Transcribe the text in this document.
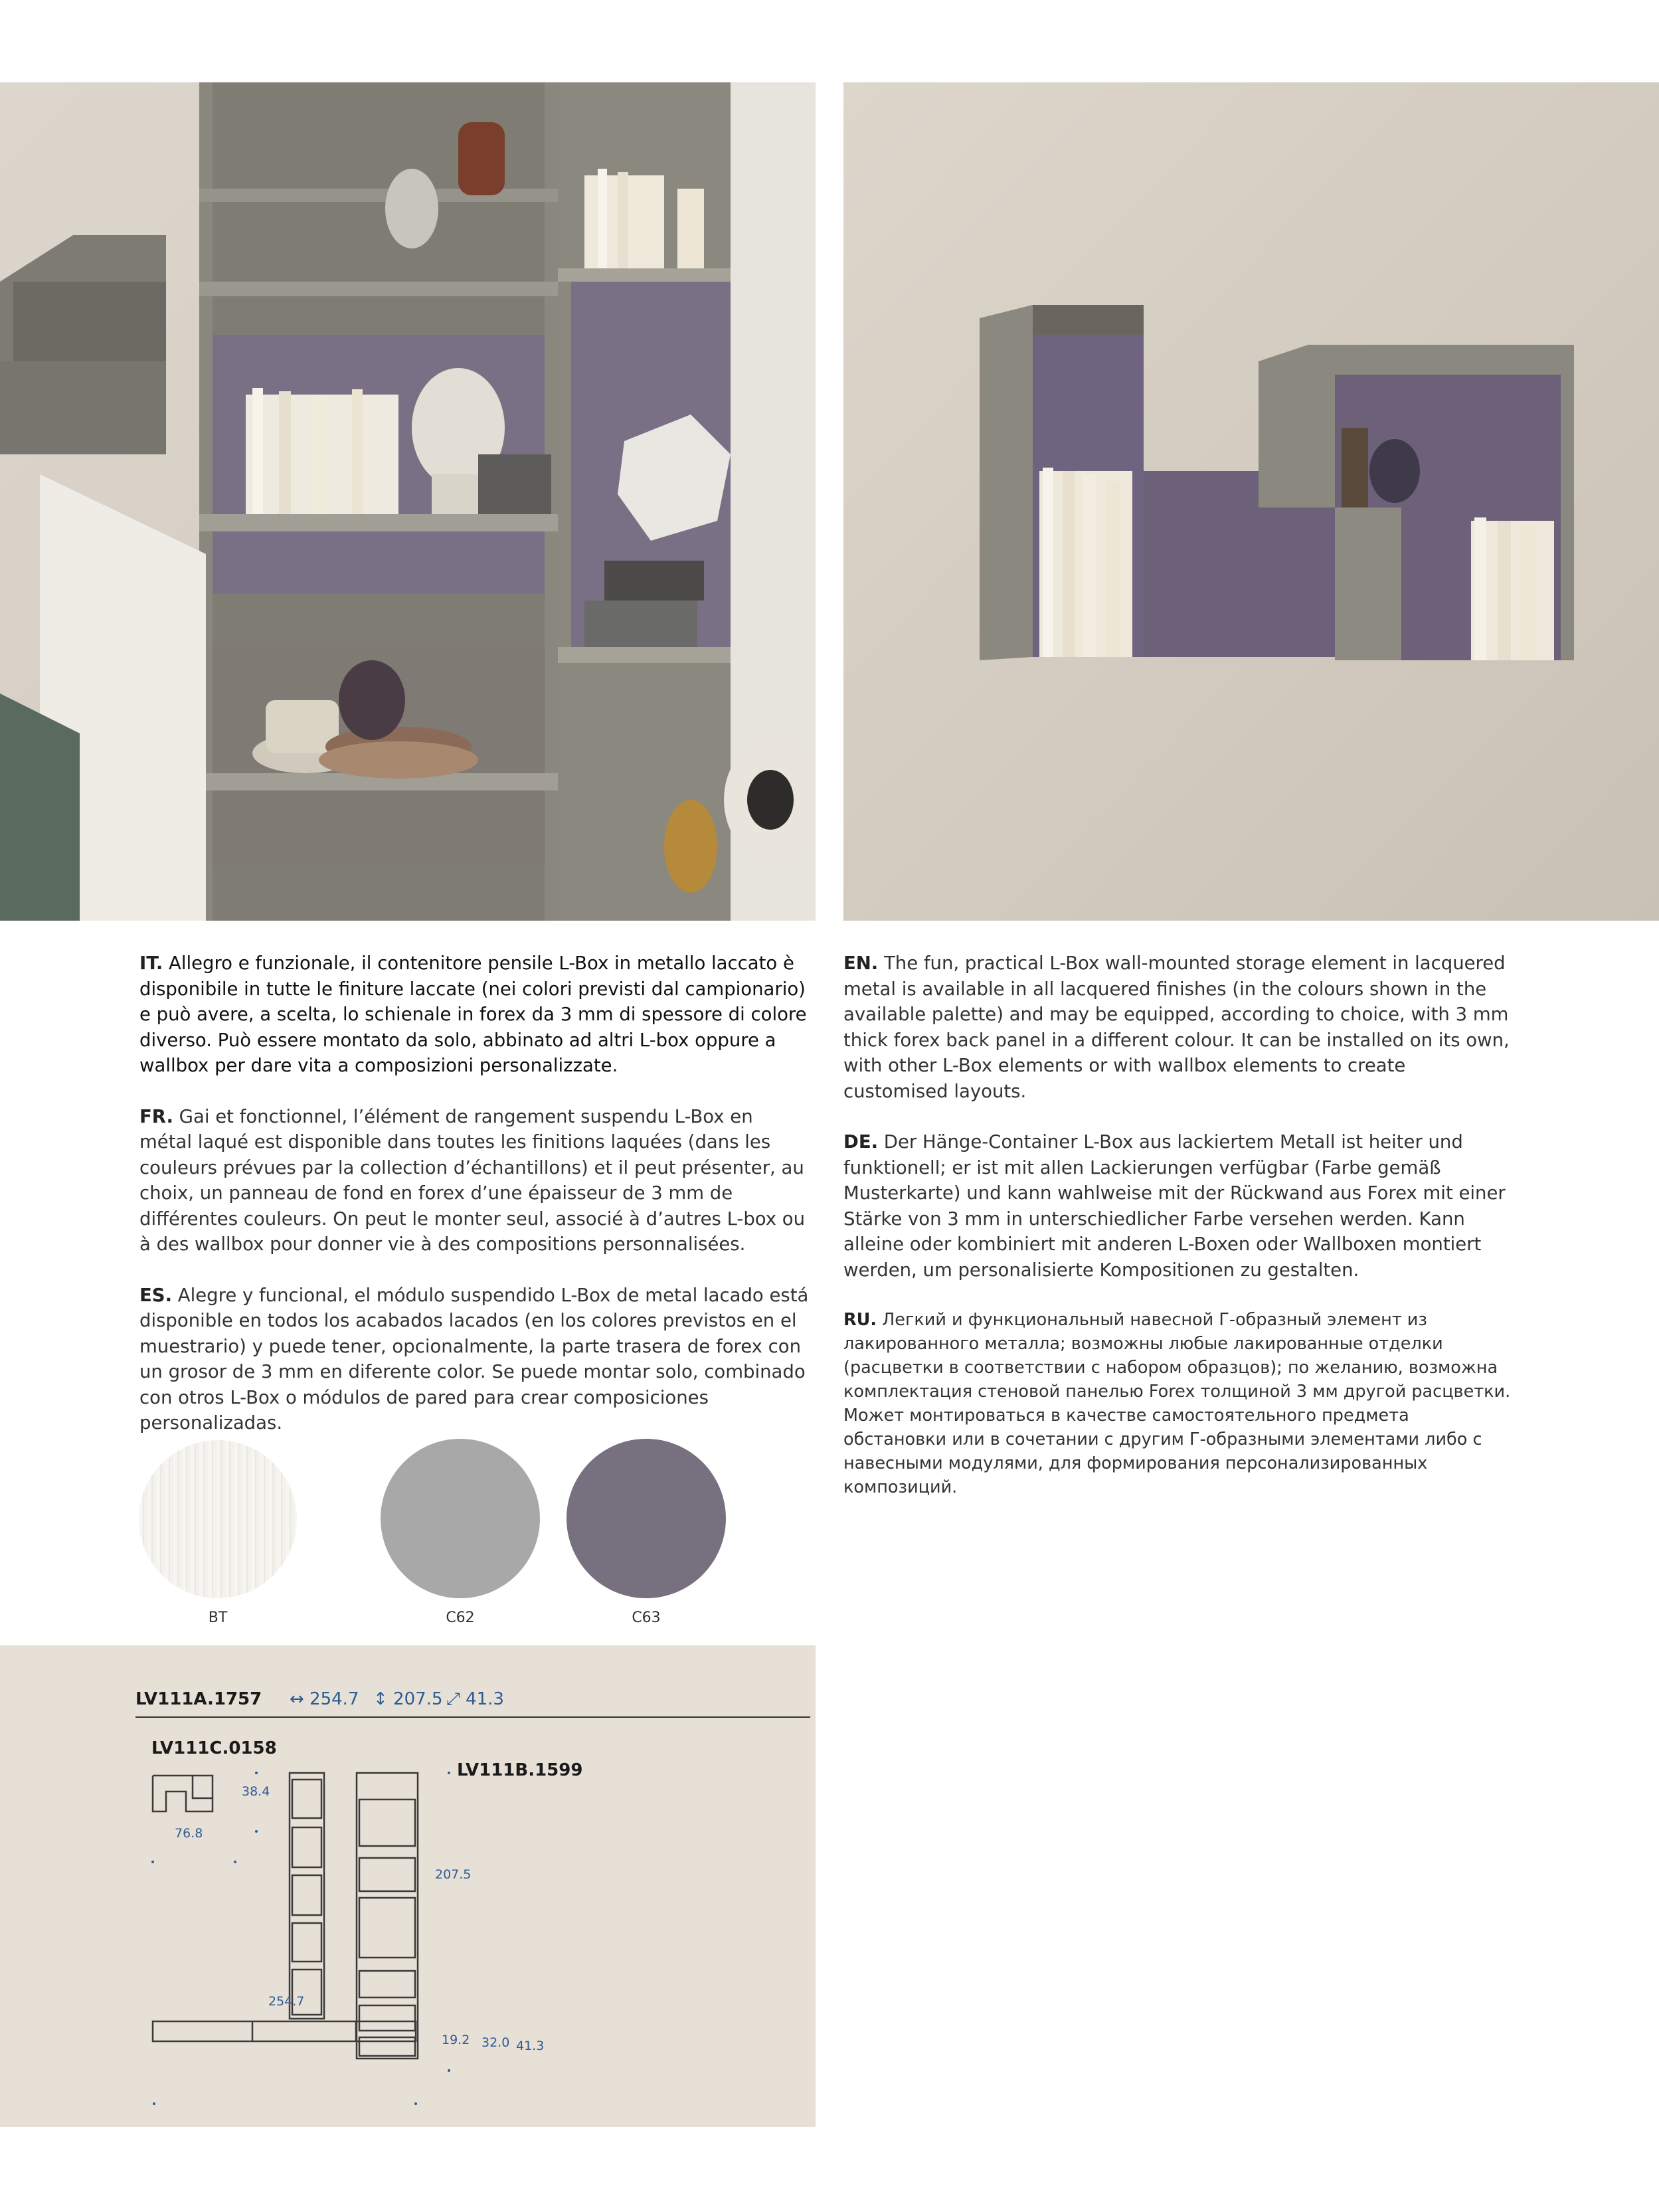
IT. Allegro e funzionale, il contenitore pensile L-Box in metallo laccato è disponibile in tutte le finiture laccate (nei colori previsti dal campionario) e può avere, a scelta, lo schienale in forex da 3 mm di spessore di colore diverso. Può essere montato da solo, abbinato ad altri L-box oppure a wallbox per dare vita a composizioni personalizzate.

FR. Gai et fonctionnel, l’élément de rangement suspendu L-Box en métal laqué est disponible dans toutes les finitions laquées (dans les couleurs prévues par la collection d’échantillons) et il peut présenter, au choix, un panneau de fond en forex d’une épaisseur de 3 mm de différentes couleurs. On peut le monter seul, associé à d’autres L-box ou à des wallbox pour donner vie à des compositions personnalisées.

ES. Alegre y funcional, el módulo suspendido L-Box de metal lacado está disponible en todos los acabados lacados (en los colores previstos en el muestrario) y puede tener, opcionalmente, la parte trasera de forex con un grosor de 3 mm en diferente color. Se puede montar solo, combinado con otros L-Box o módulos de pared para crear composiciones personalizadas.

EN. The fun, practical L-Box wall-mounted storage element in lacquered metal is available in all lacquered finishes (in the colours shown in the available palette) and may be equipped, according to choice, with 3 mm thick forex back panel in a different colour. It can be installed on its own, with other L-Box elements or with wallbox elements to create customised layouts.

DE. Der Hänge-Container L-Box aus lackiertem Metall ist heiter und funktionell; er ist mit allen Lackierungen verfügbar (Farbe gemäß Musterkarte) und kann wahlweise mit der Rückwand aus Forex mit einer Stärke von 3 mm in unterschiedlicher Farbe versehen werden. Kann alleine oder kombiniert mit anderen L-Boxen oder Wallboxen montiert werden, um personalisierte Kompositionen zu gestalten.

RU. Легкий и функциональный навесной Г-образный элемент из лакированного металла; возможны любые лакированные отделки (расцветки в соответствии с набором образцов); по желанию, возможна комплектация стеновой панелью Forex толщиной 3 мм другой расцветки. Может монтироваться в качестве самостоятельного предмета обстановки или в сочетании с другим Г-образными элементами либо с навесными модулями, для формирования персонализированных композиций.

BT	C62	C63
LV111A.1757 ↔ 254.7 ↕ 207.5 ⤢ 41.3
LV111C.0158
LV111B.1599
38.4
76.8
207.5
254.7
19.2 32.0 41.3
